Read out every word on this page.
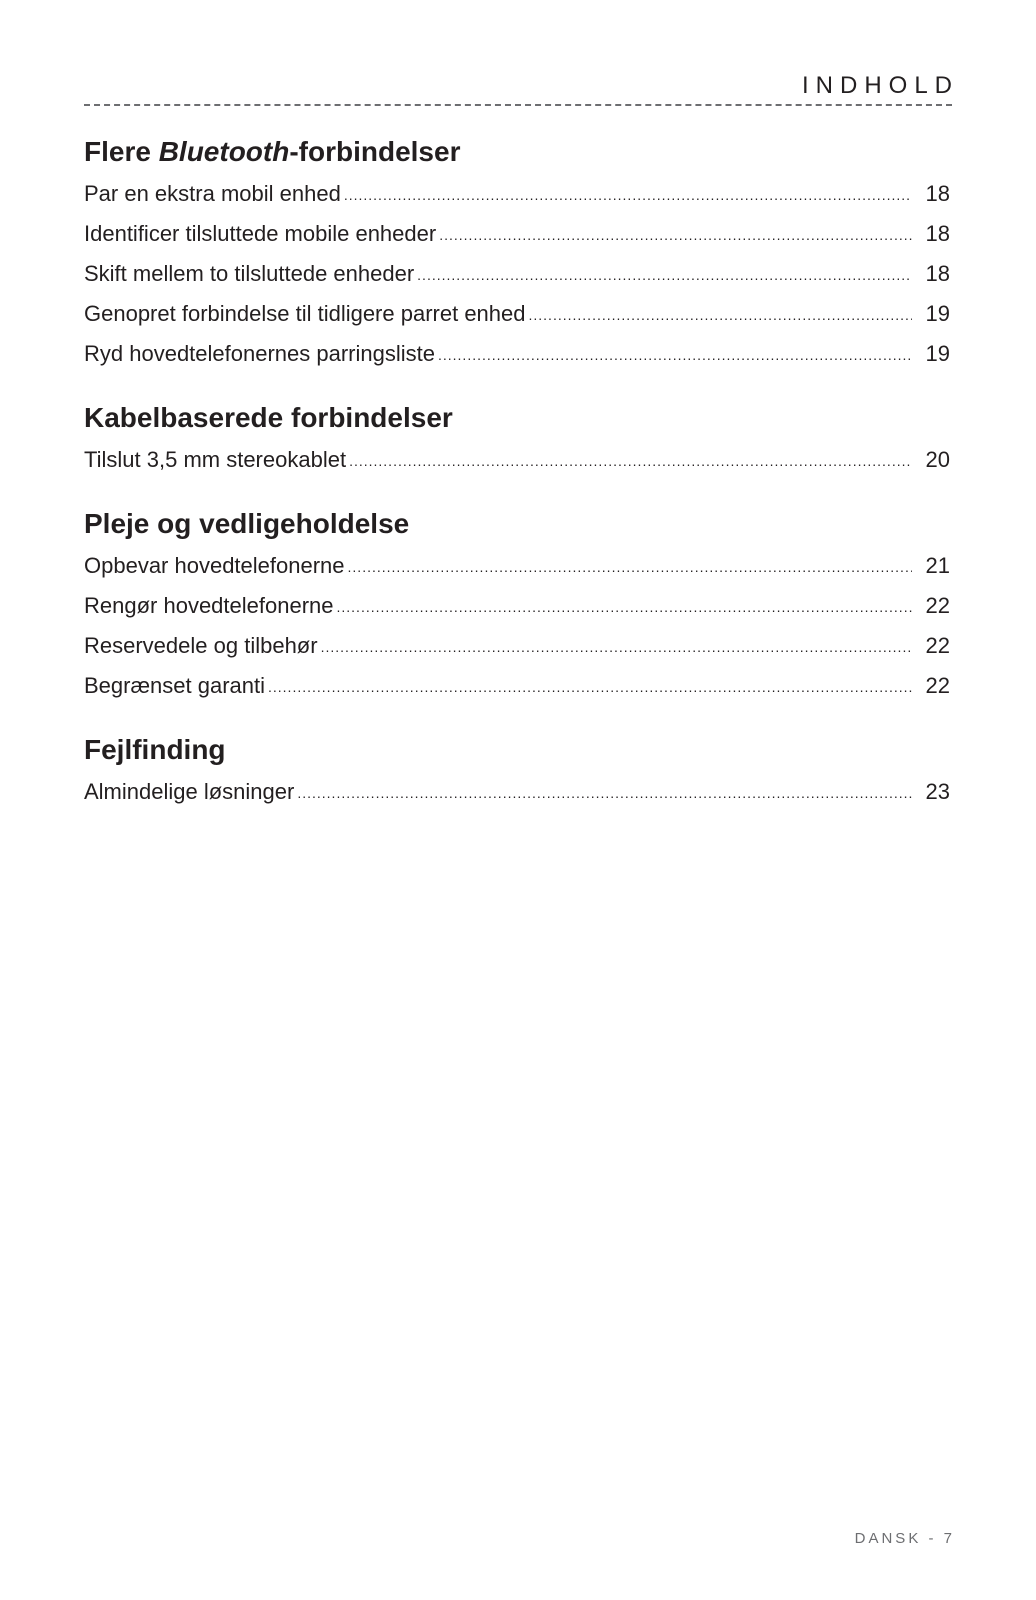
INDHOLD
Flere Bluetooth-forbindelser
Par en ekstra mobil enhed .....	18
Identificer tilsluttede mobile enheder .....	18
Skift mellem to tilsluttede enheder .....	18
Genopret forbindelse til tidligere parret enhed .....	19
Ryd hovedtelefonernes parringsliste .....	19
Kabelbaserede forbindelser
Tilslut 3,5 mm stereokablet .....	20
Pleje og vedligeholdelse
Opbevar hovedtelefonerne .....	21
Rengør hovedtelefonerne .....	22
Reservedele og tilbehør .....	22
Begrænset garanti .....	22
Fejlfinding
Almindelige løsninger .....	23
DANSK - 7
